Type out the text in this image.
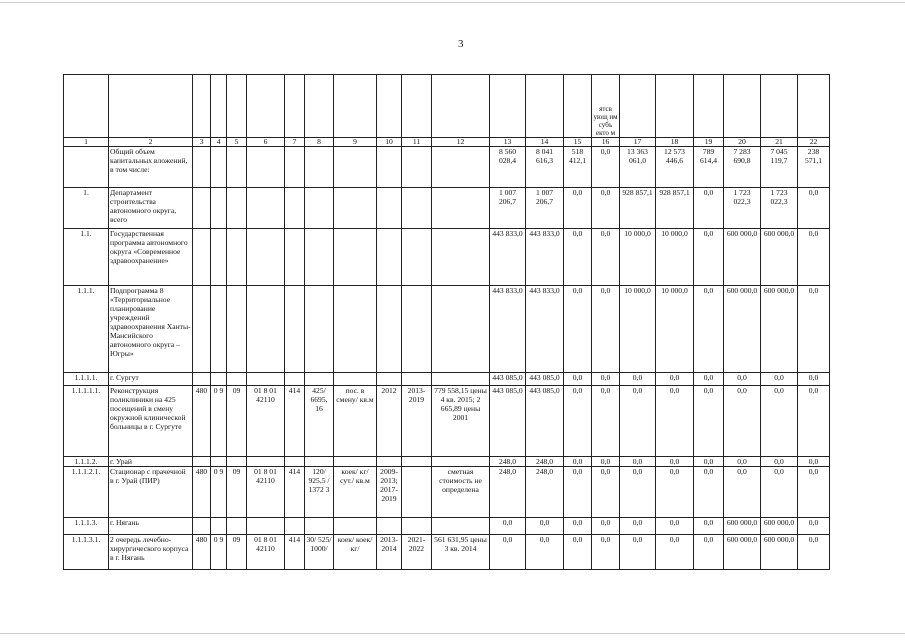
3
															ятсв ующ им субъ екто м						
1	2	3	4	5	6	7	8	9	10	11	12	13	14	15	16	17	18	19	20	21	22
	Общий объем капитальных вложений, в том числе:											8 560 028,4	8 041 616,3	518 412,1	0,0	13 363 061,0	12 573 446,6	789 614,4	7 283 690,8	7 045 119,7	238 571,1
1.	Департамент строительства автономного округа, всего											1 007 206,7	1 007 206,7	0,0	0,0	928 857,1	928 857,1	0,0	1 723 022,3	1 723 022,3	0,0
1.1.	Государственная программа автономного округа «Современное здравоохранение»											443 833,0	443 833,0	0,0	0,0	10 000,0	10 000,0	0,0	600 000,0	600 000,0	0,0
1.1.1.	Подпрограмма 8 «Территориальное планирование учреждений здравоохранения Ханты-Мансийского автономного округа – Югры»											443 833,0	443 833,0	0,0	0,0	10 000,0	10 000,0	0,0	600 000,0	600 000,0	0,0
1.1.1.1.	г. Сургут											443 085,0	443 085,0	0,0	0,0	0,0	0,0	0,0	0,0	0,0	0,0
1.1.1.1.1.	Реконструкция поликлиники на 425 посещений в смену окружной клинической больницы в г. Сургуте	480	0 9	09	01 8 01 42110	414	425/ 6695, 16	пос. в смену/ кв.м	2012	2013-2019	779 558,15 цены 4 кв. 2015; 2 665,89 цены 2001	443 085,0	443 085,0	0,0	0,0	0,0	0,0	0,0	0,0	0,0	0,0
1.1.1.2.	г. Урай											248,0	248,0	0,0	0,0	0,0	0,0	0,0	0,0	0,0	0,0
1.1.1.2.1.	Стационар с прачечной в г. Урай (ПИР)	480	0 9	09	01 8 01 42110	414	120/ 925,5 / 1372 3	коек/ кг/ сут./ кв.м	2009-2013; 2017-2019		сметная стоимость не определена	248,0	248,0	0,0	0,0	0,0	0,0	0,0	0,0	0,0	0,0
1.1.1.3.	г. Нягань											0,0	0,0	0,0	0,0	0,0	0,0	0,0	600 000,0	600 000,0	0,0
1.1.1.3.1.	2 очередь лечебно-хирургического корпуса в г. Нягань	480	0 9	09	01 8 01 42110	414	30/ 525/ 1000/	коек/ коек/ кг/	2013-2014	2021-2022	561 631,95 цены 3 кв. 2014	0,0	0,0	0,0	0,0	0,0	0,0	0,0	600 000,0	600 000,0	0,0
